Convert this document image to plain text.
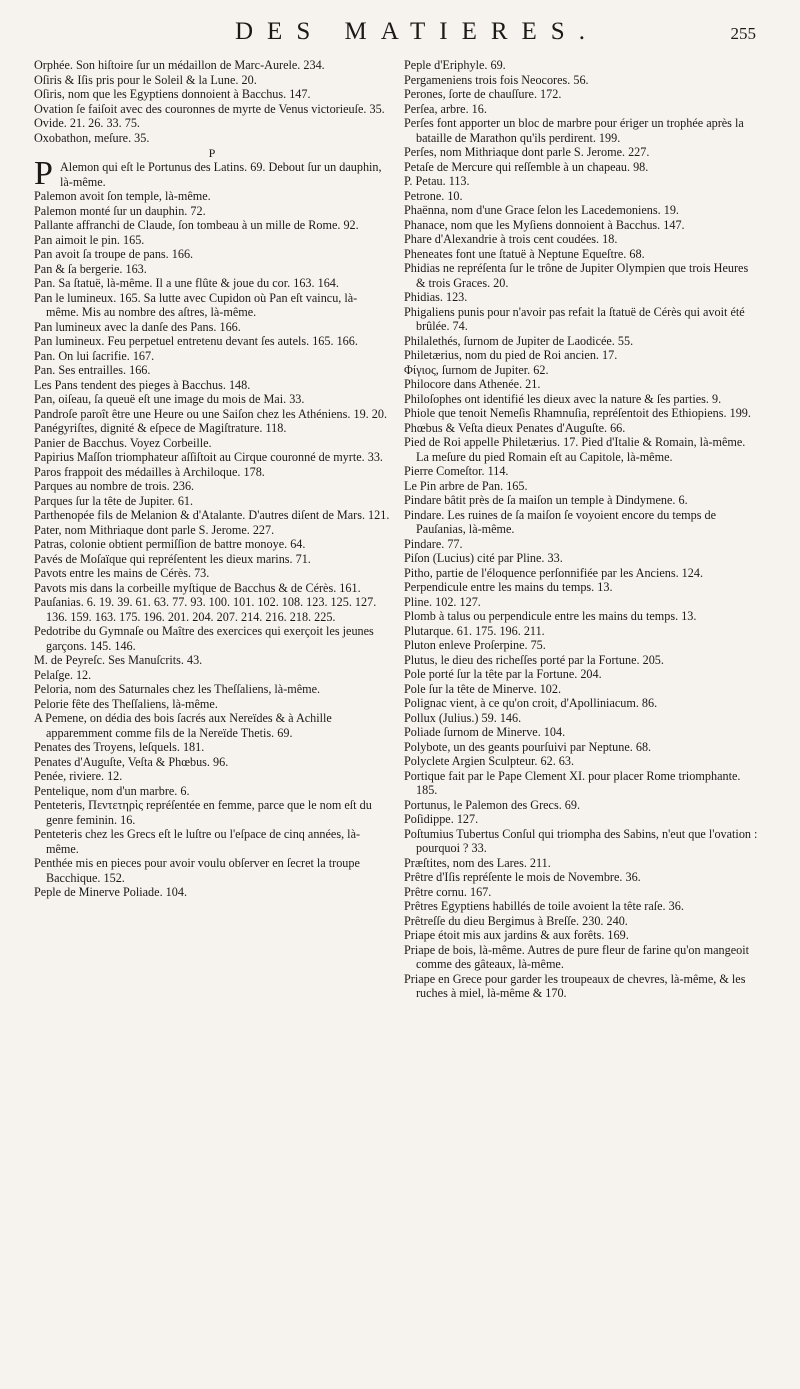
DES MATIERES.	255

Orphée. Son hiſtoire ſur un médaillon de Marc-Aurele. 234.

Oſiris & Iſis pris pour le Soleil & la Lune. 20.

Oſiris, nom que les Egyptiens donnoient à Bacchus. 147.

Ovation ſe faiſoit avec des couronnes de myrte de Venus victorieuſe. 35.

Ovide. 21. 26. 33. 75.

Oxobathon, meſure. 35.

P

P Alemon qui eſt le Portunus des Latins. 69. Debout ſur un dauphin, là-même.

Palemon avoit ſon temple, là-même.

Palemon monté ſur un dauphin. 72.

Pallante affranchi de Claude, ſon tombeau à un mille de Rome. 92.

Pan aimoit le pin. 165.

Pan avoit ſa troupe de pans. 166.

Pan & ſa bergerie. 163.

Pan. Sa ſtatuë, là-même. Il a une flûte & joue du cor. 163. 164.

Pan le lumineux. 165. Sa lutte avec Cupidon où Pan eſt vaincu, là-même. Mis au nombre des aſtres, là-même.

Pan lumineux avec la danſe des Pans. 166.

Pan lumineux. Feu perpetuel entretenu devant ſes autels. 165. 166.

Pan. On lui ſacrifie. 167.

Pan. Ses entrailles. 166.

Les Pans tendent des pieges à Bacchus. 148.

Pan, oiſeau, ſa queuë eſt une image du mois de Mai. 33.

Pandroſe paroît être une Heure ou une Saiſon chez les Athéniens. 19. 20.

Panégyriſtes, dignité & eſpece de Magiſtrature. 118.

Panier de Bacchus. Voyez Corbeille.

Papirius Maſſon triomphateur aſſiſtoit au Cirque couronné de myrte. 33.

Paros frappoit des médailles à Archiloque. 178.

Parques au nombre de trois. 236.

Parques ſur la tête de Jupiter. 61.

Parthenopée fils de Melanion & d'Atalante. D'autres diſent de Mars. 121.

Pater, nom Mithriaque dont parle S. Jerome. 227.

Patras, colonie obtient permiſſion de battre monoye. 64.

Pavés de Moſaïque qui repréſentent les dieux marins. 71.

Pavots entre les mains de Cérès. 73.

Pavots mis dans la corbeille myſtique de Bacchus & de Cérès. 161.

Pauſanias. 6. 19. 39. 61. 63. 77. 93. 100. 101. 102. 108. 123. 125. 127. 136. 159. 163. 175. 196. 201. 204. 207. 214. 216. 218. 225.

Pedotribe du Gymnaſe ou Maître des exercices qui exerçoit les jeunes garçons. 145. 146.

M. de Peyreſc. Ses Manuſcrits. 43.

Pelaſge. 12.

Peloria, nom des Saturnales chez les Theſſaliens, là-même.

Pelorie fête des Theſſaliens, là-même.

A Pemene, on dédia des bois ſacrés aux Nereïdes & à Achille apparemment comme fils de la Nereïde Thetis. 69.

Penates des Troyens, leſquels. 181.

Penates d'Auguſte, Veſta & Phœbus. 96.

Penée, riviere. 12.

Pentelique, nom d'un marbre. 6.

Penteteris, Πεντετηρὶς repréſentée en femme, parce que le nom eſt du genre feminin. 16.

Penteteris chez les Grecs eſt le luſtre ou l'eſpace de cinq années, là-même.

Penthée mis en pieces pour avoir voulu obſerver en ſecret la troupe Bacchique. 152.

Peple de Minerve Poliade. 104.

Peple d'Eriphyle. 69.

Pergameniens trois fois Neocores. 56.

Perones, ſorte de chauſſure. 172.

Perſea, arbre. 16.

Perſes font apporter un bloc de marbre pour ériger un trophée après la bataille de Marathon qu'ils perdirent. 199.

Perſes, nom Mithriaque dont parle S. Jerome. 227.

Petaſe de Mercure qui reſſemble à un chapeau. 98.

P. Petau. 113.

Petrone. 10.

Phaënna, nom d'une Grace ſelon les Lacedemoniens. 19.

Phanace, nom que les Myſiens donnoient à Bacchus. 147.

Phare d'Alexandrie à trois cent coudées. 18.

Pheneates font une ſtatuë à Neptune Equeſtre. 68.

Phidias ne repréſenta ſur le trône de Jupiter Olympien que trois Heures & trois Graces. 20.

Phidias. 123.

Phigaliens punis pour n'avoir pas refait la ſtatuë de Cérès qui avoit été brûlée. 74.

Philalethés, ſurnom de Jupiter de Laodicée. 55.

Philetærius, nom du pied de Roi ancien. 17.

Φίγιος, ſurnom de Jupiter. 62.

Philocore dans Athenée. 21.

Philoſophes ont identifié les dieux avec la nature & ſes parties. 9.

Phiole que tenoit Nemeſis Rhamnuſia, repréſentoit des Ethiopiens. 199.

Phœbus & Veſta dieux Penates d'Auguſte. 66.

Pied de Roi appelle Philetærius. 17. Pied d'Italie & Romain, là-même. La meſure du pied Romain eſt au Capitole, là-même.

Pierre Comeſtor. 114.

Le Pin arbre de Pan. 165.

Pindare bâtit près de ſa maiſon un temple à Dindymene. 6.

Pindare. Les ruines de ſa maiſon ſe voyoient encore du temps de Pauſanias, là-même.

Pindare. 77.

Piſon (Lucius) cité par Pline. 33.

Pitho, partie de l'éloquence perſonnifiée par les Anciens. 124.

Perpendicule entre les mains du temps. 13.

Pline. 102. 127.

Plomb à talus ou perpendicule entre les mains du temps. 13.

Plutarque. 61. 175. 196. 211.

Pluton enleve Proſerpine. 75.

Plutus, le dieu des richeſſes porté par la Fortune. 205.

Pole porté ſur la tête par la Fortune. 204.

Pole ſur la tête de Minerve. 102.

Polignac vient, à ce qu'on croit, d'Apolliniacum. 86.

Pollux (Julius.) 59. 146.

Poliade ſurnom de Minerve. 104.

Polybote, un des geants pourſuivi par Neptune. 68.

Polyclete Argien Sculpteur. 62. 63.

Portique fait par le Pape Clement XI. pour placer Rome triomphante. 185.

Portunus, le Palemon des Grecs. 69.

Poſidippe. 127.

Poſtumius Tubertus Conſul qui triompha des Sabins, n'eut que l'ovation : pourquoi ? 33.

Præſtites, nom des Lares. 211.

Prêtre d'Iſis repréſente le mois de Novembre. 36.

Prêtre cornu. 167.

Prêtres Egyptiens habillés de toile avoient la tête raſe. 36.

Prêtreſſe du dieu Bergimus à Breſſe. 230. 240.

Priape étoit mis aux jardins & aux forêts. 169.

Priape de bois, là-même. Autres de pure fleur de farine qu'on mangeoit comme des gâteaux, là-même.

Priape en Grece pour garder les troupeaux de chevres, là-même, & les ruches à miel, là-même & 170.
